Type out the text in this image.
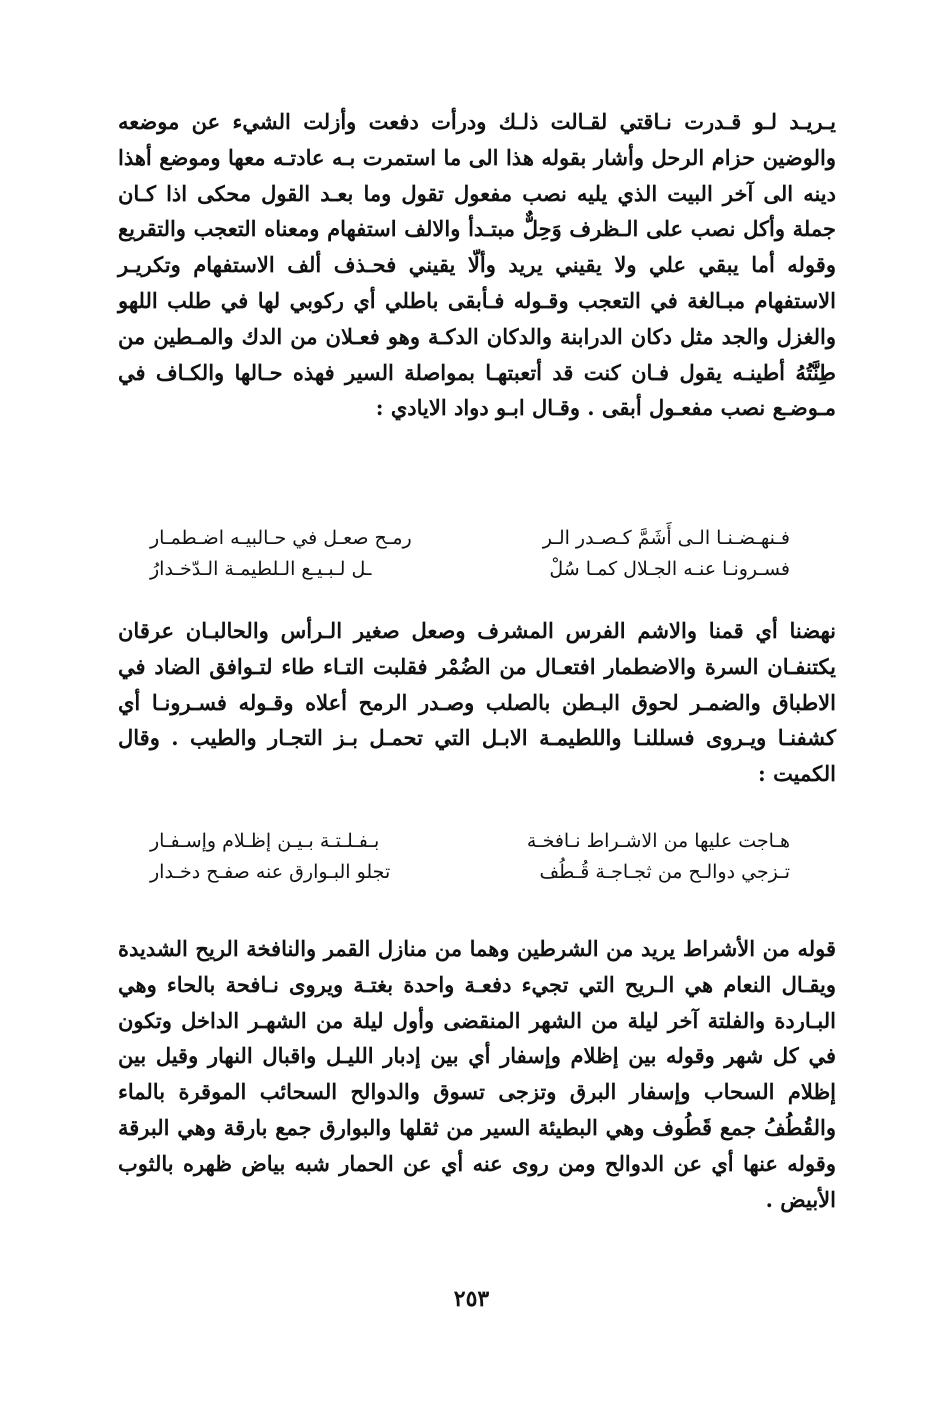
يـريـد لـو قـدرت نـاقتي لقـالت ذلـك ودرأت دفعت وأزلت الشيء عن موضعه والوضين حزام الرحل وأشار بقوله هذا الى ما استمرت بـه عادتـه معها وموضع أهذا دينه الى آخر البيت الذي يليه نصب مفعول تقول وما بعـد القول محكى اذا كـان جملة وأكل نصب على الـظرف وَحِلٌّ مبتـدأ والالف استفهام ومعناه التعجب والتقريع وقوله أما يبقي علي ولا يقيني يريد وألّا يقيني فحـذف ألف الاستفهام وتكريـر الاستفهام مبـالغة في التعجب وقـوله فـأبقى باطلي أي ركوبي لها في طلب اللهو والغزل والجد مثل دكان الدرابنة والدكان الدكـة وهو فعـلان من الدك والمـطين من طِنَّتُهُ أطينـه يقول فـان كنت قد أتعبتهـا بمواصلة السير فهذه حـالها والكـاف في مـوضـع نصب مفعـول أبقى . وقـال ابـو دواد الايادي :

فـنهـضـنـا الـى أَشَمَّ كـصـدر الـر
رمـح صعـل في حـالبيـه اضـطمـار
فسـرونـا عنـه الجـلال كمـا سُلْ
ـل لـبـيـع الـلطيمـة الـدّخـدارُ

نهضنا أي قمنا والاشم الفرس المشرف وصعل صغير الـرأس والحالبـان عرقان يكتنفـان السرة والاضطمار افتعـال من الضُمْر فقلبت التـاء طاء لتـوافق الضاد في الاطباق والضمـر لحوق البـطن بالصلب وصـدر الرمح أعلاه وقـوله فسـرونـا أي كشفنـا ويـروى فسللنـا واللطيمـة الابـل التي تحمـل بـز التجـار والطيب . وقال الكميت :

هـاجت عليها من الاشـراط نـافخـة
بـفـلـتـة بـيـن إظـلام وإسـفـار
تـزجي دوالـح من ثجـاجـة قُـطُف
تجلو البـوارق عنه صفـح دخـدار

قوله من الأشراط يريد من الشرطين وهما من منازل القمر والنافخة الريح الشديدة ويقـال النعام هي الـريح التي تجيء دفعـة واحدة بغتـة ويروى نـافحة بالحاء وهي البـاردة والفلتة آخر ليلة من الشهر المنقضى وأول ليلة من الشهـر الداخل وتكون في كل شهر وقوله بين إظلام وإسفار أي بين إدبار الليـل واقبال النهار وقيل بين إظلام السحاب وإسفار البرق وتزجى تسوق والدوالح السحائب الموقرة بالماء والقُطُفُ جمع قَطُوف وهي البطيئة السير من ثقلها والبوارق جمع بارقة وهي البرقة وقوله عنها أي عن الدوالح ومن روى عنه أي عن الحمار شبه بياض ظهره بالثوب الأبيض .

٢٥٣
